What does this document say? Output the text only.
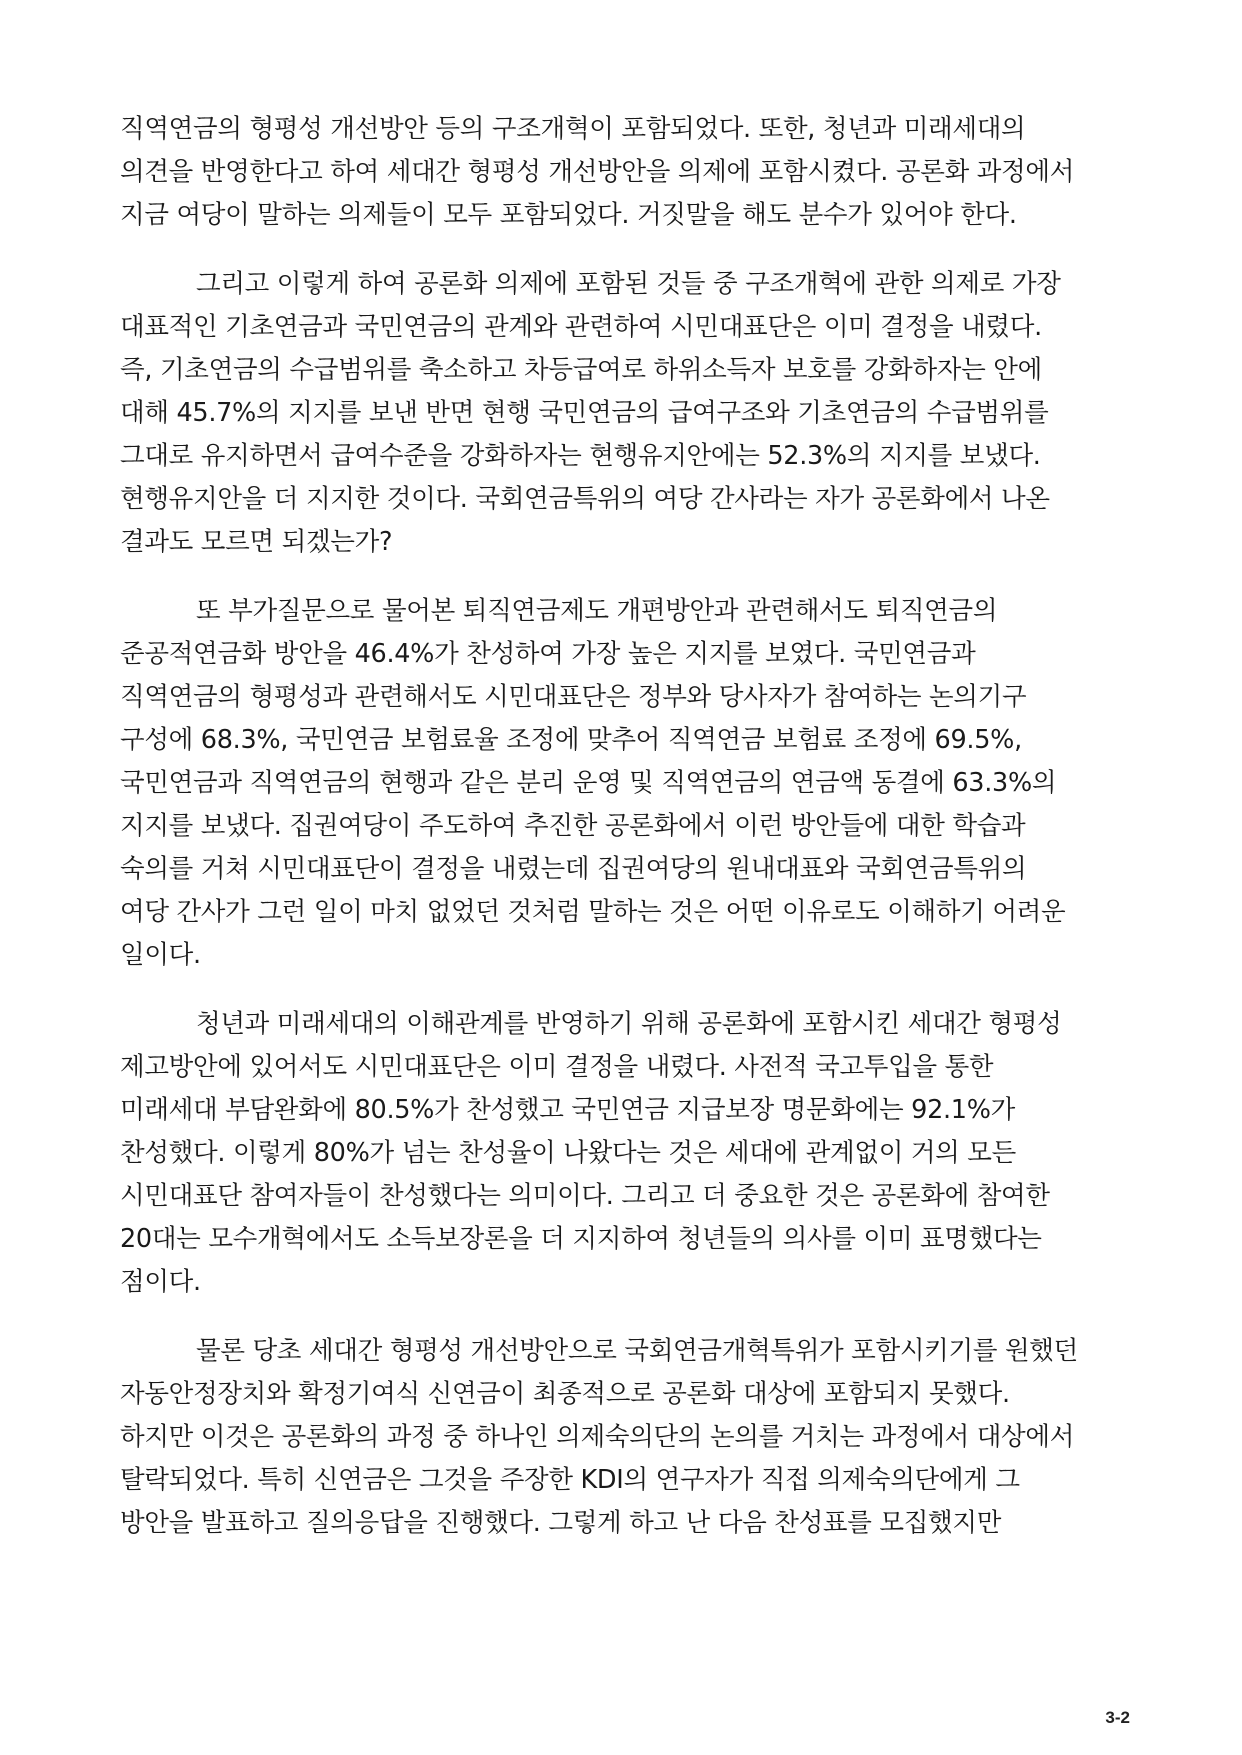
직역연금의 형평성 개선방안 등의 구조개혁이 포함되었다. 또한, 청년과 미래세대의
의견을 반영한다고 하여 세대간 형평성 개선방안을 의제에 포함시켰다. 공론화 과정에서
지금 여당이 말하는 의제들이 모두 포함되었다. 거짓말을 해도 분수가 있어야 한다.
그리고 이렇게 하여 공론화 의제에 포함된 것들 중 구조개혁에 관한 의제로 가장
대표적인 기초연금과 국민연금의 관계와 관련하여 시민대표단은 이미 결정을 내렸다.
즉, 기초연금의 수급범위를 축소하고 차등급여로 하위소득자 보호를 강화하자는 안에
대해 45.7%의 지지를 보낸 반면 현행 국민연금의 급여구조와 기초연금의 수급범위를
그대로 유지하면서 급여수준을 강화하자는 현행유지안에는 52.3%의 지지를 보냈다.
현행유지안을 더 지지한 것이다. 국회연금특위의 여당 간사라는 자가 공론화에서 나온
결과도 모르면 되겠는가?
또 부가질문으로 물어본 퇴직연금제도 개편방안과 관련해서도 퇴직연금의
준공적연금화 방안을 46.4%가 찬성하여 가장 높은 지지를 보였다. 국민연금과
직역연금의 형평성과 관련해서도 시민대표단은 정부와 당사자가 참여하는 논의기구
구성에 68.3%, 국민연금 보험료율 조정에 맞추어 직역연금 보험료 조정에 69.5%,
국민연금과 직역연금의 현행과 같은 분리 운영 및 직역연금의 연금액 동결에 63.3%의
지지를 보냈다. 집권여당이 주도하여 추진한 공론화에서 이런 방안들에 대한 학습과
숙의를 거쳐 시민대표단이 결정을 내렸는데 집권여당의 원내대표와 국회연금특위의
여당 간사가 그런 일이 마치 없었던 것처럼 말하는 것은 어떤 이유로도 이해하기 어려운
일이다.
청년과 미래세대의 이해관계를 반영하기 위해 공론화에 포함시킨 세대간 형평성
제고방안에 있어서도 시민대표단은 이미 결정을 내렸다. 사전적 국고투입을 통한
미래세대 부담완화에 80.5%가 찬성했고 국민연금 지급보장 명문화에는 92.1%가
찬성했다. 이렇게 80%가 넘는 찬성율이 나왔다는 것은 세대에 관계없이 거의 모든
시민대표단 참여자들이 찬성했다는 의미이다. 그리고 더 중요한 것은 공론화에 참여한
20대는 모수개혁에서도 소득보장론을 더 지지하여 청년들의 의사를 이미 표명했다는
점이다.
물론 당초 세대간 형평성 개선방안으로 국회연금개혁특위가 포함시키기를 원했던
자동안정장치와 확정기여식 신연금이 최종적으로 공론화 대상에 포함되지 못했다.
하지만 이것은 공론화의 과정 중 하나인 의제숙의단의 논의를 거치는 과정에서 대상에서
탈락되었다. 특히 신연금은 그것을 주장한 KDI의 연구자가 직접 의제숙의단에게 그
방안을 발표하고 질의응답을 진행했다. 그렇게 하고 난 다음 찬성표를 모집했지만
3-2
